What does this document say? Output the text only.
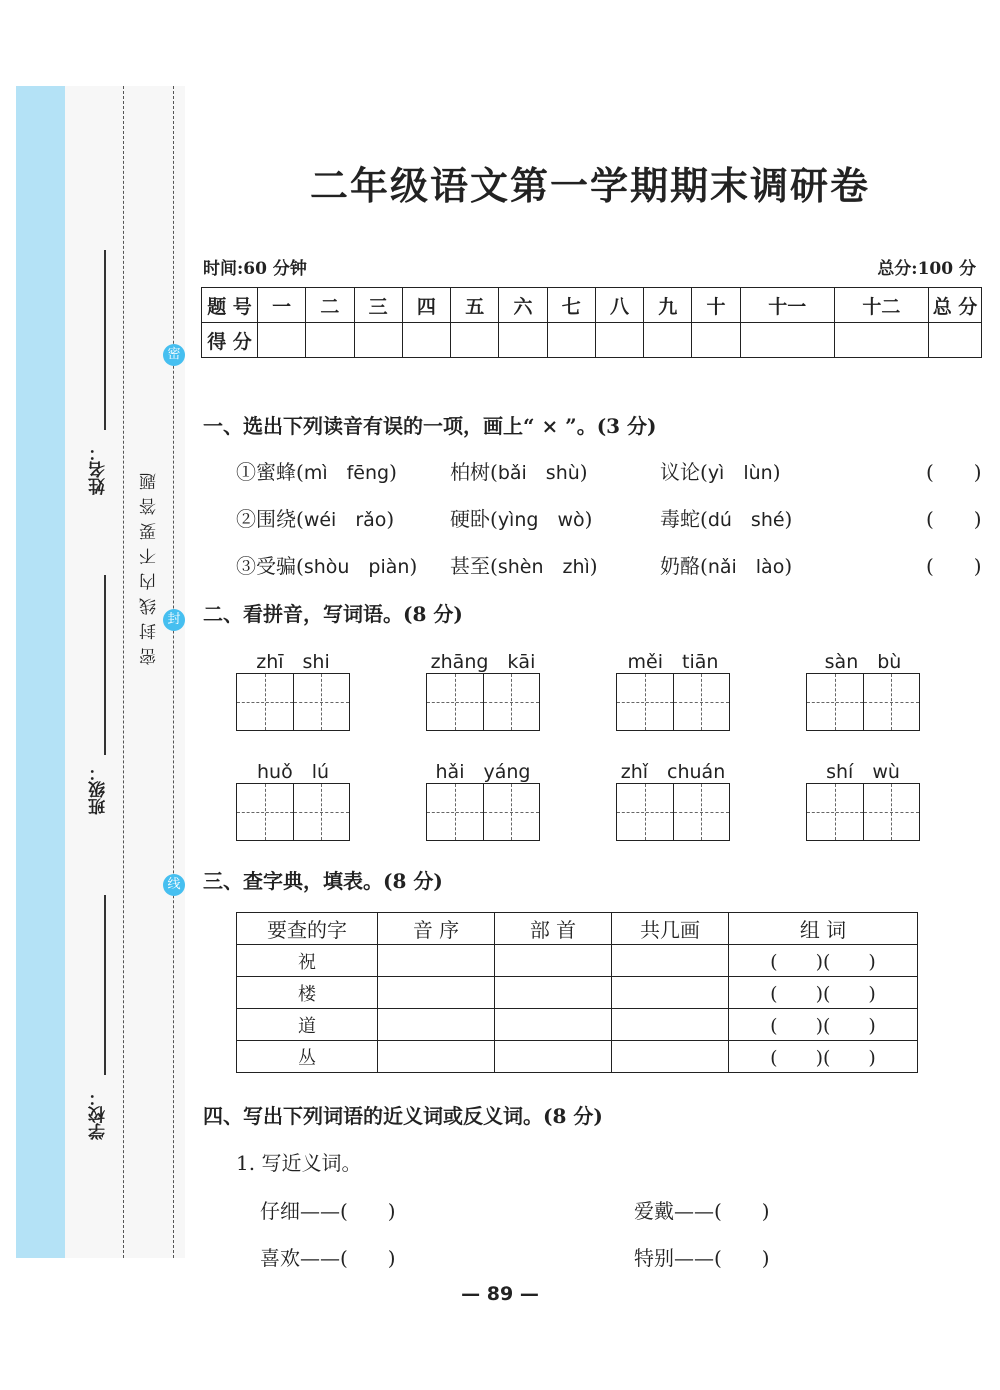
姓名：
班级：
学校：
密封线内不要答题
密
封
线
二年级语文第一学期期末调研卷
时间:60 分钟	总分:100 分
题 号	一	二	三	四	五	六	七	八	九	十	十一	十二	总 分
得 分													
一、选出下列读音有误的一项，画上“ × ”。(3 分)
①蜜蜂(mì　fēng)	柏树(bǎi　shù)	议论(yì　lùn)	(　　)
②围绕(wéi　rǎo)	硬卧(yìng　wò)	毒蛇(dú　shé)	(　　)
③受骗(shòu　piàn) 甚至(shèn　zhì)	奶酪(nǎi　lào)	(　　)
二、看拼音，写词语。(8 分)
zhī　shi	zhāng　kāi	měi　tiān	sàn　bù
huǒ　lú	hǎi　yáng	zhǐ　chuán	shí　wù
三、查字典，填表。(8 分)
要查的字	音 序	部 首	共几画	组 词
祝				(　　)(　　)
楼				(　　)(　　)
道				(　　)(　　)
丛				(　　)(　　)
四、写出下列词语的近义词或反义词。(8 分)
1. 写近义词。
仔细——(　　)	爱戴——(　　)
喜欢——(　　)	特别——(　　)
— 89 —
